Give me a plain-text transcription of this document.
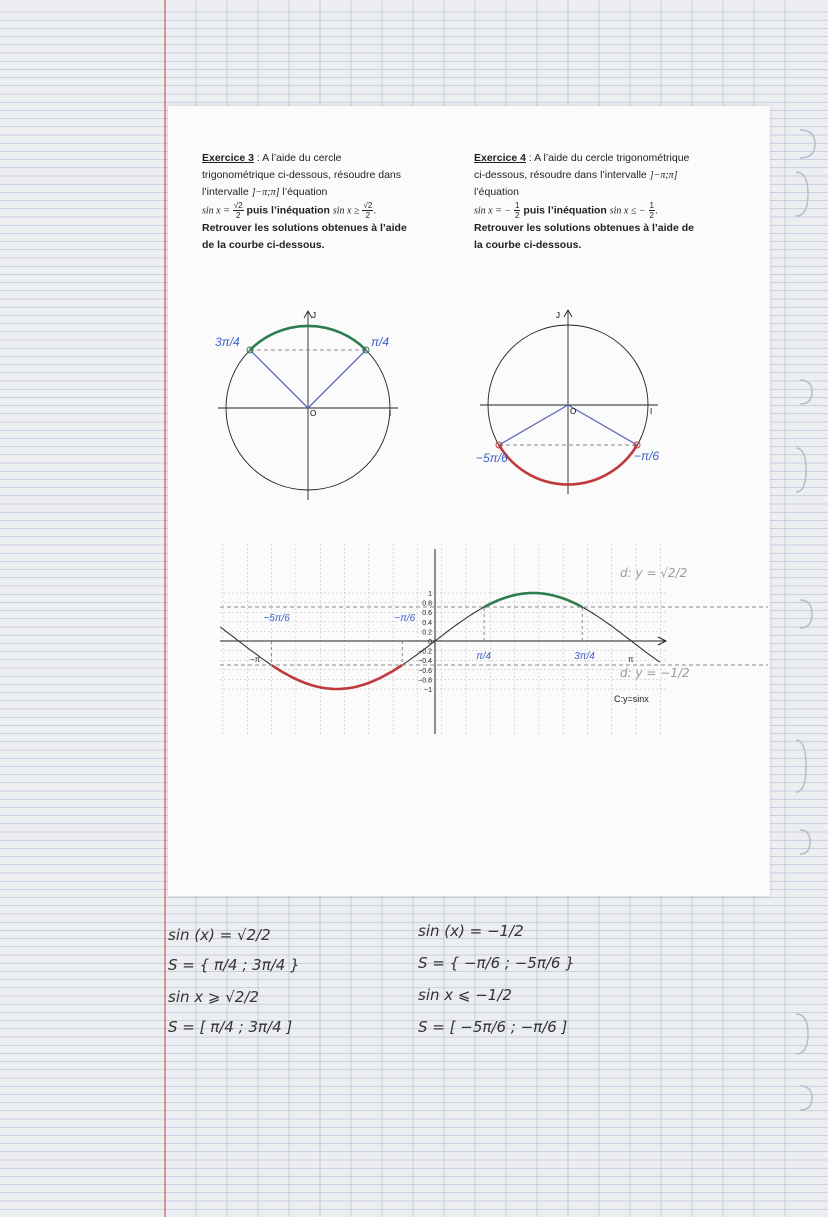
Exercice 3 : A l’aide du cercle trigonométrique ci-dessous, résoudre dans l’intervalle ]−π;π] l’équation
$\sin x = \frac{√2}{2}$ puis l’inéquation $\sin x \ge \frac{√2}{2}$ .
Retrouver les solutions obtenues à l’aide de la courbe ci-dessous.
Exercice 4 : A l’aide du cercle trigonométrique ci-dessous, résoudre dans l’intervalle ]−π;π] l’équation
sin x = − $\frac{1}{2}$ puis l’inéquation sin x ≤ − $\frac{1}{2}$ .
Retrouver les solutions obtenues à l’aide de la courbe ci-dessous.
J
O	I
3π/4	π/4
J
O	I
−5π/6	−π/6
1
0.8
0.6
0.4
0.2
0
−0.2
−0.4
−0.6
−0.8
−1
−5π/6	−π/6
π/4	3π/4
−π	π
C:y=sinx
d: y = √2/2
d: y = −1/2
sin (x) = √2/2
S = { π/4 ; 3π/4 }
sin x ⩾ √2/2
S = [ π/4 ; 3π/4 ]
sin (x) = −1/2
S = { −π/6 ; −5π/6 }
sin x ⩽ −1/2
S = [ −5π/6 ; −π/6 ]
